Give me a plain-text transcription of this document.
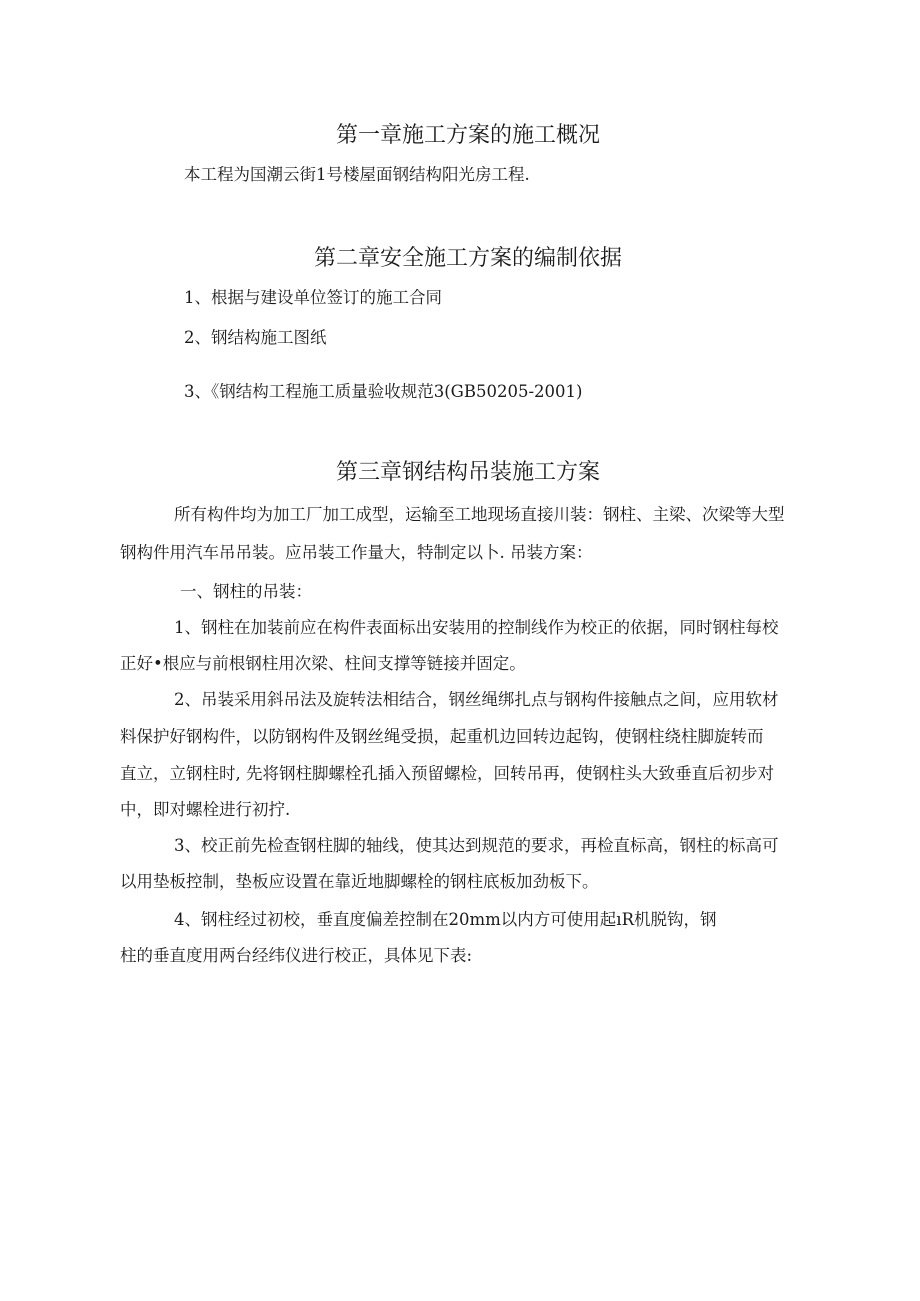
第一章施工方案的施工概况
本工程为国潮云街1号楼屋面钢结构阳光房工程.
第二章安全施工方案的编制依据
1、根据与建设单位签订的施工合同
2、钢结构施工图纸
3、《钢结构工程施工质量验收规范3(GB50205-2001)
第三章钢结构吊装施工方案
所有构件均为加工厂加工成型，运输至工地现场直接川装：钢柱、主梁、次梁等大型
钢构件用汽车吊吊装。应吊装工作量大，特制定以卜. 吊装方案：
一、钢柱的吊装：
1、钢柱在加装前应在构件表面标出安装用的控制线作为校正的依据，同时钢柱每校
正好•根应与前根钢柱用次梁、柱间支撑等链接并固定。
2、吊装采用斜吊法及旋转法相结合，钢丝绳绑扎点与钢构件接触点之间，应用软材
料保护好钢构件，以防钢构件及钢丝绳受损，起重机边回转边起钩，使钢柱绕柱脚旋转而
直立，立钢柱时, 先将钢柱脚螺栓孔插入预留螺检，回转吊再，使钢柱头大致垂直后初步对
中，即对螺栓进行初拧.
3、校正前先检查钢柱脚的轴线，使其达到规范的要求，再检直标高，钢柱的标高可
以用垫板控制，垫板应设置在靠近地脚螺栓的钢柱底板加劲板下。
4、钢柱经过初校，垂直度偏差控制在20mm以内方可使用起ıR机脱钩，钢
柱的垂直度用两台经纬仪进行校正，具体见下表:
